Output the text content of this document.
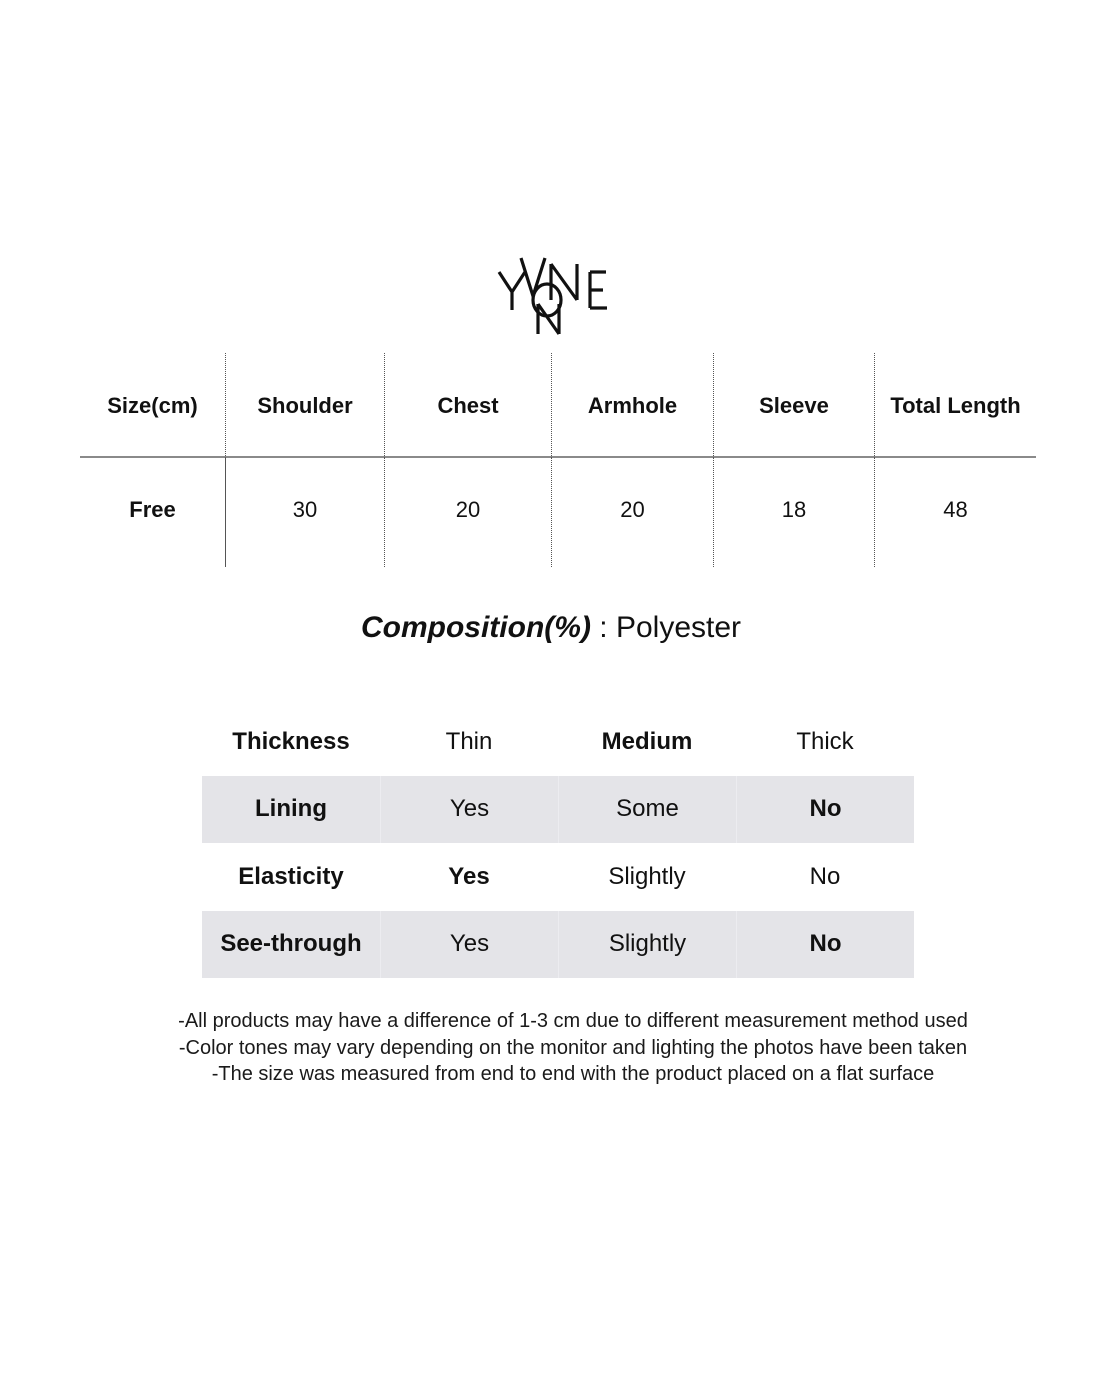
Size(cm)	Shoulder	Chest	Armhole	Sleeve	Total Length
Free	30	20	20	18	48
Composition(%) : Polyester
Thickness	Thin	Medium	Thick
Lining	Yes	Some	No
Elasticity	Yes	Slightly	No
See-through	Yes	Slightly	No
-All products may have a difference of 1-3 cm due to different measurement method used
-Color tones may vary depending on the monitor and lighting the photos have been taken
-The size was measured from end to end with the product placed on a flat surface
